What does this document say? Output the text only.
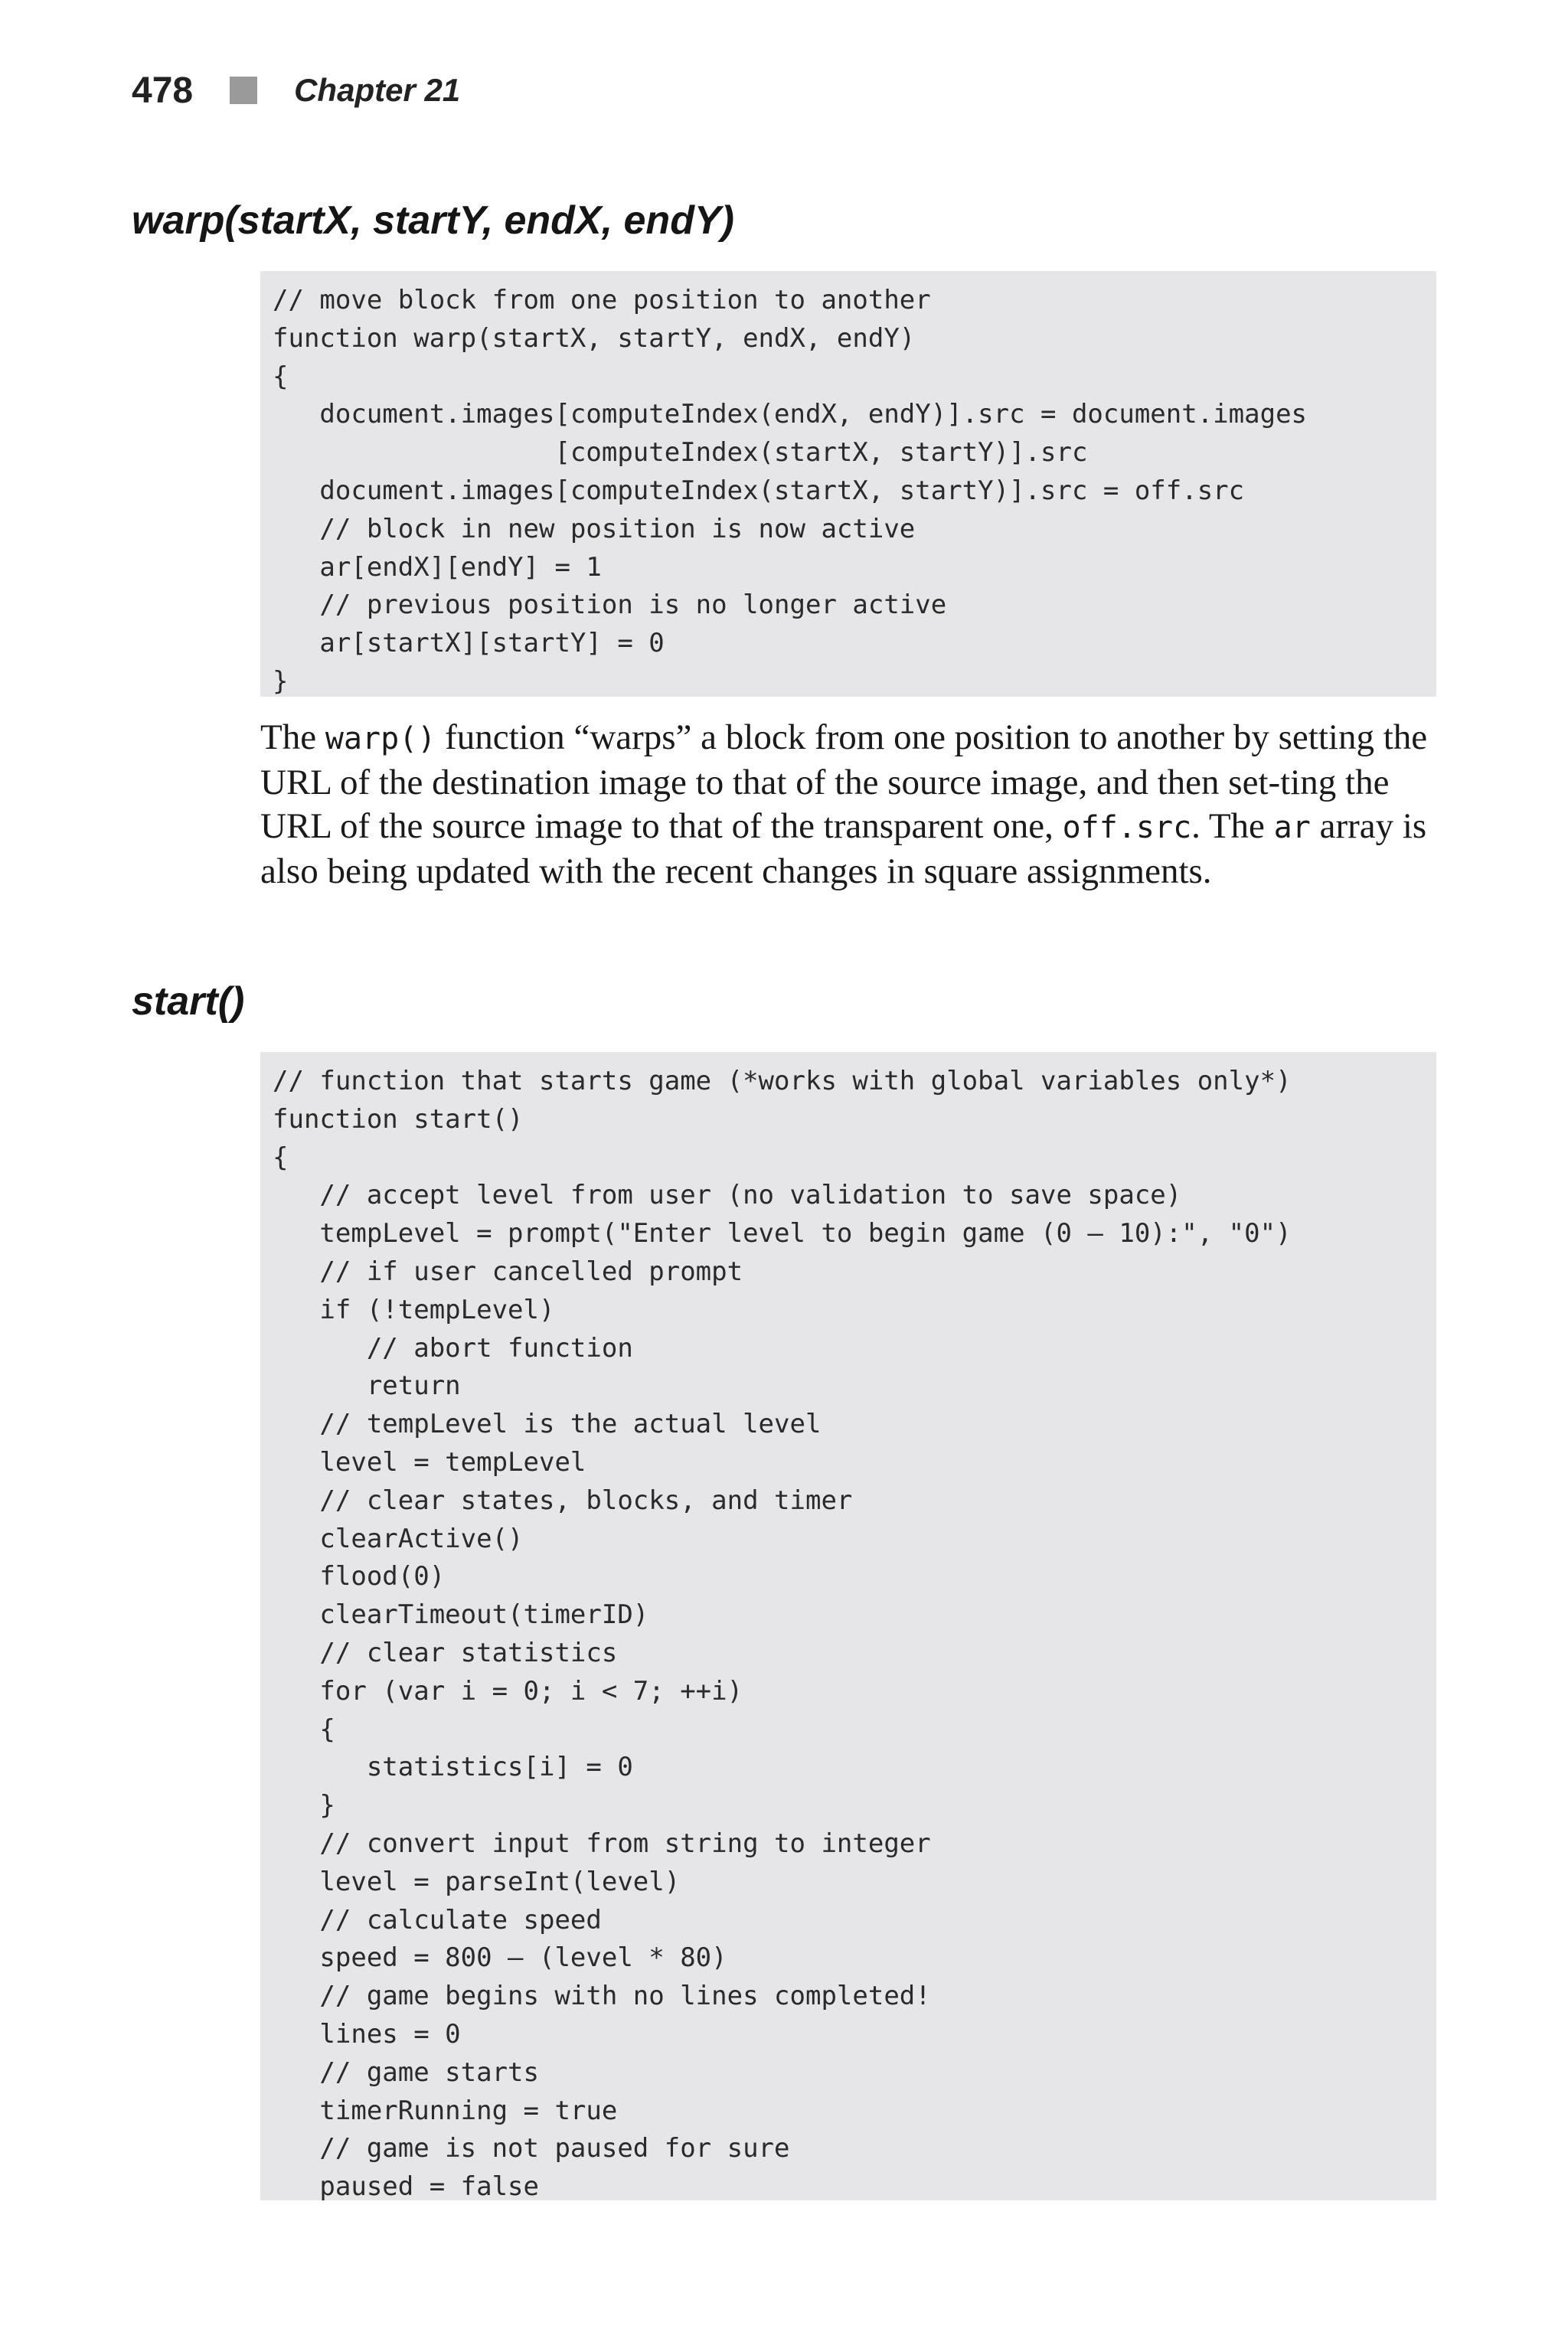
478	Chapter 21
warp(startX, startY, endX, endY)
// move block from one position to another
function warp(startX, startY, endX, endY)
{
document.images[computeIndex(endX, endY)].src = document.images
[computeIndex(startX, startY)].src
document.images[computeIndex(startX, startY)].src = off.src
// block in new position is now active
ar[endX][endY] = 1
// previous position is no longer active
ar[startX][startY] = 0
}

The warp() function “warps” a block from one position to another by setting the URL of the destination image to that of the source image, and then set-ting the URL of the source image to that of the transparent one, off.src. The ar array is also being updated with the recent changes in square assignments.

start()
// function that starts game (*works with global variables only*)
function start()
{
// accept level from user (no validation to save space)
tempLevel = prompt("Enter level to begin game (0 – 10):", "0")
// if user cancelled prompt
if (!tempLevel)
// abort function
return
// tempLevel is the actual level
level = tempLevel
// clear states, blocks, and timer
clearActive()
flood(0)
clearTimeout(timerID)
// clear statistics
for (var i = 0; i < 7; ++i)
{
statistics[i] = 0
}
// convert input from string to integer
level = parseInt(level)
// calculate speed
speed = 800 – (level * 80)
// game begins with no lines completed!
lines = 0
// game starts
timerRunning = true
// game is not paused for sure
paused = false
